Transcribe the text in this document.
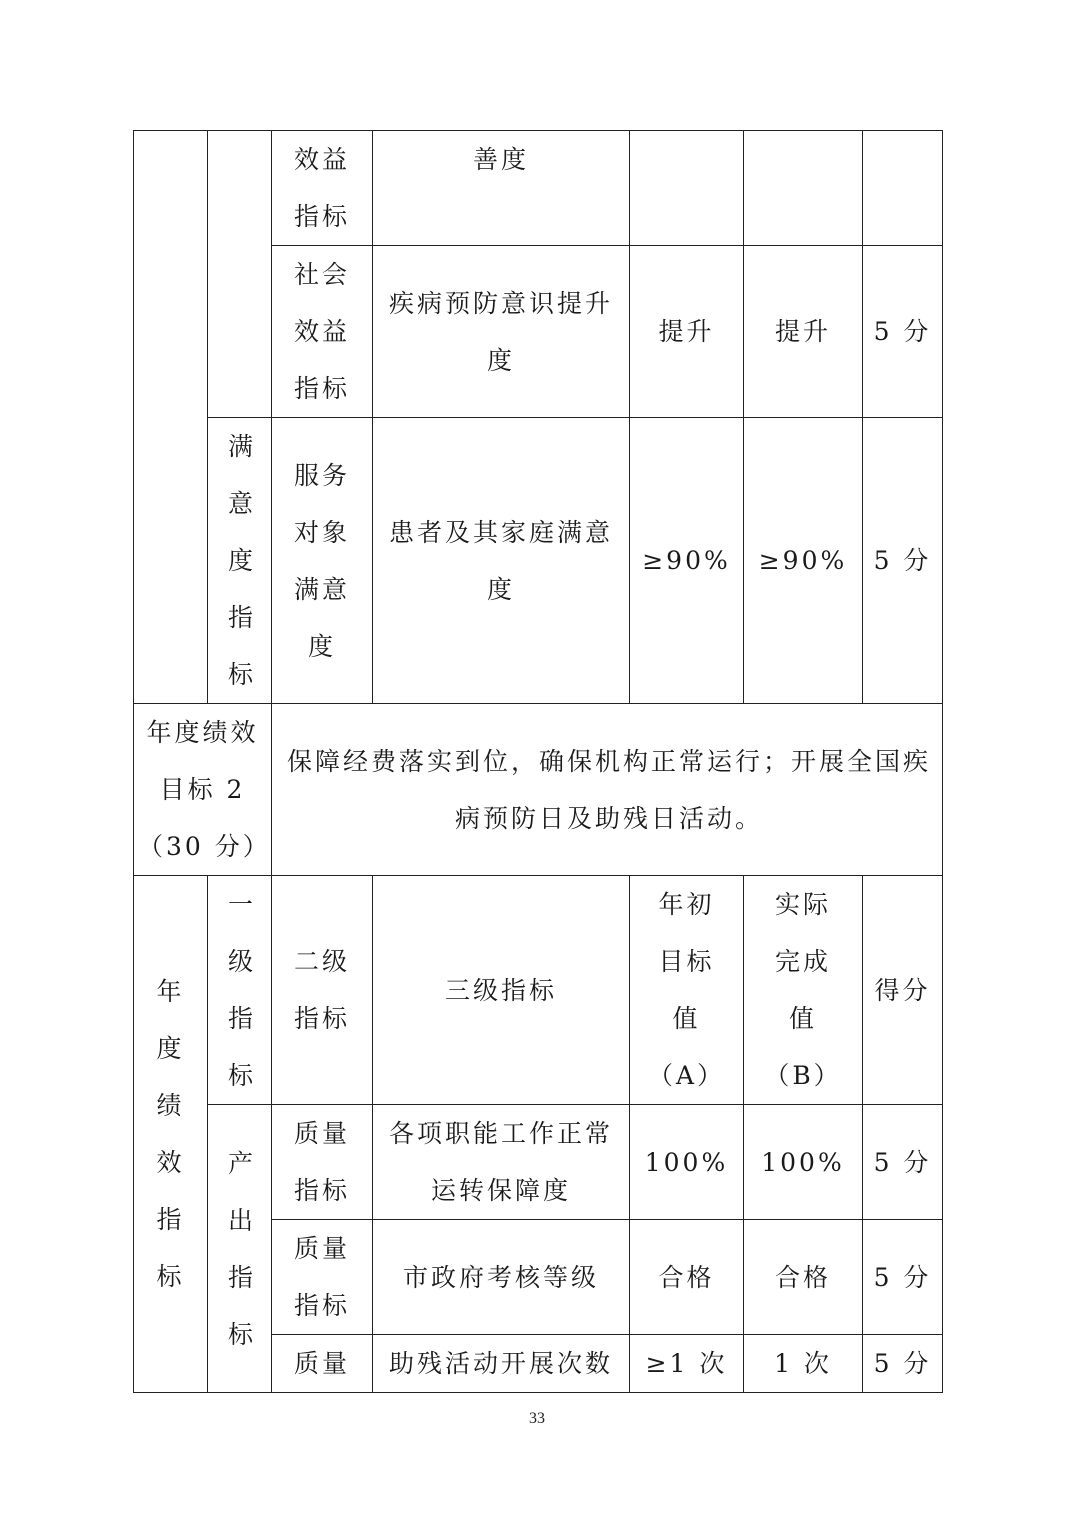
		效益指标	善度			
		社会效益指标	疾病预防意识提升度	提升	提升	5 分
	满意度指标	服务对象满意度	患者及其家庭满意度	≥90%	≥90%	5 分
年度绩效目标 2（30 分）		保障经费落实到位，确保机构正常运行；开展全国疾病预防日及助残日活动。				
年度绩效指标	一级指标	二级指标	三级指标	年初目标值（A）	实际完成值（B）	得分
	产出指标	质量指标	各项职能工作正常运转保障度	100%	100%	5 分
		质量指标	市政府考核等级	合格	合格	5 分
		质量	助残活动开展次数	≥1 次	1 次	5 分
33
